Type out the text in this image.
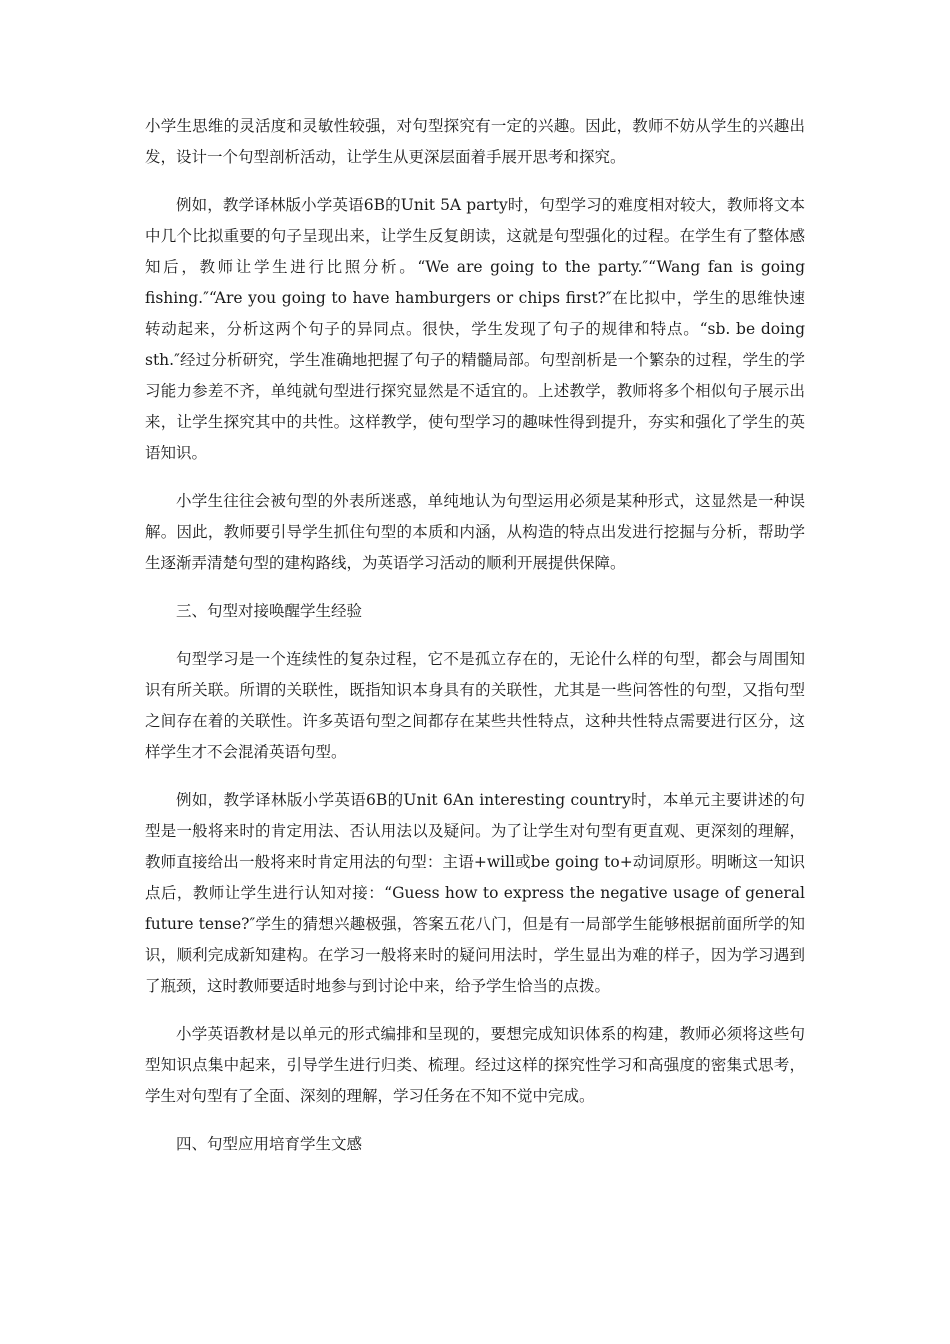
小学生思维的灵活度和灵敏性较强，对句型探究有一定的兴趣。因此，教师不妨从学生的兴趣出发，设计一个句型剖析活动，让学生从更深层面着手展开思考和探究。

例如，教学译林版小学英语6B的Unit 5A party时，句型学习的难度相对较大，教师将文本中几个比拟重要的句子呈现出来，让学生反复朗读，这就是句型强化的过程。在学生有了整体感知后，教师让学生进行比照分析。“We are going to the party.″“Wang fan is going fishing.″“Are you going to have hamburgers or chips first?″在比拟中，学生的思维快速转动起来，分析这两个句子的异同点。很快，学生发现了句子的规律和特点。“sb. be doing sth.″经过分析研究，学生准确地把握了句子的精髓局部。句型剖析是一个繁杂的过程，学生的学习能力参差不齐，单纯就句型进行探究显然是不适宜的。上述教学，教师将多个相似句子展示出来，让学生探究其中的共性。这样教学，使句型学习的趣味性得到提升，夯实和强化了学生的英语知识。

小学生往往会被句型的外表所迷惑，单纯地认为句型运用必须是某种形式，这显然是一种误解。因此，教师要引导学生抓住句型的本质和内涵，从构造的特点出发进行挖掘与分析，帮助学生逐渐弄清楚句型的建构路线，为英语学习活动的顺利开展提供保障。

三、句型对接唤醒学生经验

句型学习是一个连续性的复杂过程，它不是孤立存在的，无论什么样的句型，都会与周围知识有所关联。所谓的关联性，既指知识本身具有的关联性，尤其是一些问答性的句型，又指句型之间存在着的关联性。许多英语句型之间都存在某些共性特点，这种共性特点需要进行区分，这样学生才不会混淆英语句型。

例如，教学译林版小学英语6B的Unit 6An interesting country时，本单元主要讲述的句型是一般将来时的肯定用法、否认用法以及疑问。为了让学生对句型有更直观、更深刻的理解，教师直接给出一般将来时肯定用法的句型：主语+will或be going to+动词原形。明晰这一知识点后，教师让学生进行认知对接：“Guess how to express the negative usage of general future tense?″学生的猜想兴趣极强，答案五花八门，但是有一局部学生能够根据前面所学的知识，顺利完成新知建构。在学习一般将来时的疑问用法时，学生显出为难的样子，因为学习遇到了瓶颈，这时教师要适时地参与到讨论中来，给予学生恰当的点拨。

小学英语教材是以单元的形式编排和呈现的，要想完成知识体系的构建，教师必须将这些句型知识点集中起来，引导学生进行归类、梳理。经过这样的探究性学习和高强度的密集式思考，学生对句型有了全面、深刻的理解，学习任务在不知不觉中完成。

四、句型应用培育学生文感
